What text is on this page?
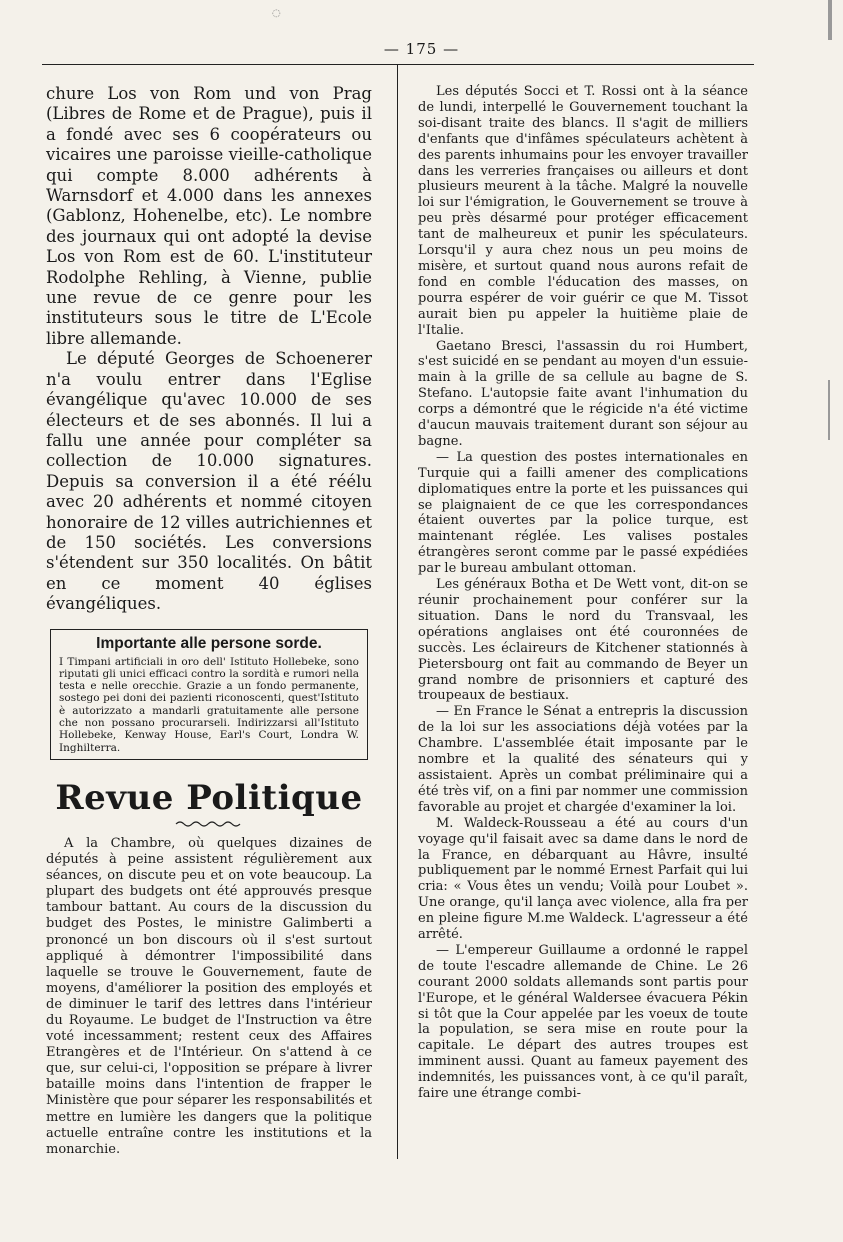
◌
— 175 —

chure Los von Rom und von Prag (Libres de Rome et de Prague), puis il a fondé avec ses 6 coopérateurs ou vicaires une paroisse vieille-catholique qui compte 8.000 adhérents à Warnsdorf et 4.000 dans les annexes (Gablonz, Hohenelbe, etc). Le nombre des journaux qui ont adopté la devise Los von Rom est de 60. L'instituteur Rodolphe Rehling, à Vienne, publie une revue de ce genre pour les instituteurs sous le titre de L'Ecole libre allemande.

Le député Georges de Schoenerer n'a voulu entrer dans l'Eglise évangélique qu'avec 10.000 de ses électeurs et de ses abonnés. Il lui a fallu une année pour compléter sa collection de 10.000 signatures. Depuis sa conversion il a été réélu avec 20 adhérents et nommé citoyen honoraire de 12 villes autrichiennes et de 150 sociétés. Les conversions s'étendent sur 350 localités. On bâtit en ce moment 40 églises évangéliques.

Importante alle persone sorde.
I Timpani artificiali in oro dell' Istituto Hollebeke, sono riputati gli unici efficaci contro la sordità e rumori nella testa e nelle orecchie. Grazie a un fondo permanente, sostego pei doni dei pazienti riconoscenti, quest'Istituto è autorizzato a mandarli gratuitamente alle persone che non possano procurarseli. Indirizzarsi all'Istituto Hollebeke, Kenway House, Earl's Court, Londra W. Inghilterra.
Revue Politique

A la Chambre, où quelques dizaines de députés à peine assistent régulièrement aux séances, on discute peu et on vote beaucoup. La plupart des budgets ont été approuvés presque tambour battant. Au cours de la discussion du budget des Postes, le ministre Galimberti a prononcé un bon discours où il s'est surtout appliqué à démontrer l'impossibilité dans laquelle se trouve le Gouvernement, faute de moyens, d'améliorer la position des employés et de diminuer le tarif des lettres dans l'intérieur du Royaume. Le budget de l'Instruction va être voté incessamment; restent ceux des Affaires Etrangères et de l'Intérieur. On s'attend à ce que, sur celui-ci, l'opposition se prépare à livrer bataille moins dans l'intention de frapper le Ministère que pour séparer les responsabilités et mettre en lumière les dangers que la politique actuelle entraîne contre les institutions et la monarchie.

Les députés Socci et T. Rossi ont à la séance de lundi, interpellé le Gouvernement touchant la soi-disant traite des blancs. Il s'agit de milliers d'enfants que d'infâmes spéculateurs achètent à des parents inhumains pour les envoyer travailler dans les verreries françaises ou ailleurs et dont plusieurs meurent à la tâche. Malgré la nouvelle loi sur l'émigration, le Gouvernement se trouve à peu près désarmé pour protéger efficacement tant de malheureux et punir les spéculateurs. Lorsqu'il y aura chez nous un peu moins de misère, et surtout quand nous aurons refait de fond en comble l'éducation des masses, on pourra espérer de voir guérir ce que M. Tissot aurait bien pu appeler la huitième plaie de l'Italie.

Gaetano Bresci, l'assassin du roi Humbert, s'est suicidé en se pendant au moyen d'un essuie-main à la grille de sa cellule au bagne de S. Stefano. L'autopsie faite avant l'inhumation du corps a démontré que le régicide n'a été victime d'aucun mauvais traitement durant son séjour au bagne.

— La question des postes internationales en Turquie qui a failli amener des complications diplomatiques entre la porte et les puissances qui se plaignaient de ce que les correspondances étaient ouvertes par la police turque, est maintenant réglée. Les valises postales étrangères seront comme par le passé expédiées par le bureau ambulant ottoman.

Les généraux Botha et De Wett vont, dit-on se réunir prochainement pour conférer sur la situation. Dans le nord du Transvaal, les opérations anglaises ont été couronnées de succès. Les éclaireurs de Kitchener stationnés à Pietersbourg ont fait au commando de Beyer un grand nombre de prisonniers et capturé des troupeaux de bestiaux.

— En France le Sénat a entrepris la discussion de la loi sur les associations déjà votées par la Chambre. L'assemblée était imposante par le nombre et la qualité des sénateurs qui y assistaient. Après un combat préliminaire qui a été très vif, on a fini par nommer une commission favorable au projet et chargée d'examiner la loi.

M. Waldeck-Rousseau a été au cours d'un voyage qu'il faisait avec sa dame dans le nord de la France, en débarquant au Hâvre, insulté publiquement par le nommé Ernest Parfait qui lui cria: « Vous êtes un vendu; Voilà pour Loubet ». Une orange, qu'il lança avec violence, alla fra per en pleine figure M.me Waldeck. L'agresseur a été arrêté.

— L'empereur Guillaume a ordonné le rappel de toute l'escadre allemande de Chine. Le 26 courant 2000 soldats allemands sont partis pour l'Europe, et le général Waldersee évacuera Pékin si tôt que la Cour appelée par les voeux de toute la population, se sera mise en route pour la capitale. Le départ des autres troupes est imminent aussi. Quant au fameux payement des indemnités, les puissances vont, à ce qu'il paraît, faire une étrange combi-
